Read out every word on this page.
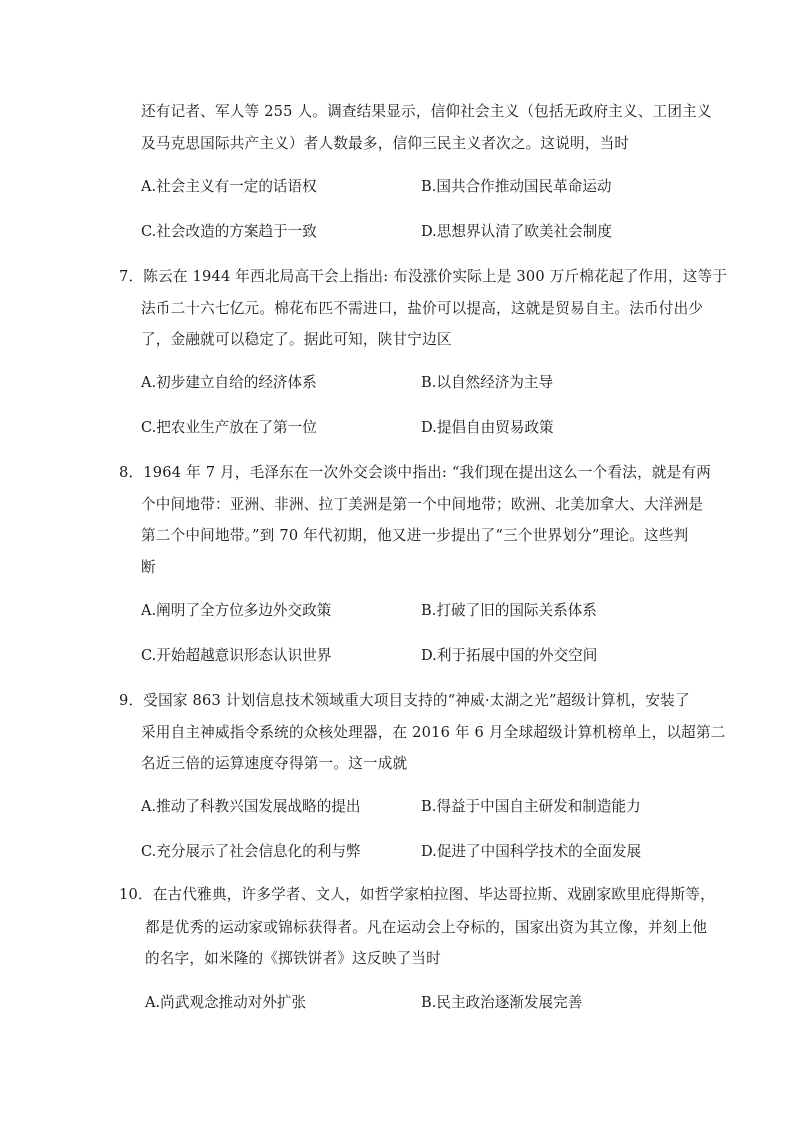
还有记者、军人等 255 人。调查结果显示，信仰社会主义（包括无政府主义、工团主义
及马克思国际共产主义）者人数最多，信仰三民主义者次之。这说明，当时
A.社会主义有一定的话语权	B.国共合作推动国民革命运动
C.社会改造的方案趋于一致	D.思想界认清了欧美社会制度
7．陈云在 1944 年西北局高干会上指出: 布没涨价实际上是 300 万斤棉花起了作用，这等于
法币二十六七亿元。棉花布匹不需进口，盐价可以提高，这就是贸易自主。法币付出少
了，金融就可以稳定了。据此可知，陕甘宁边区
A.初步建立自给的经济体系	B.以自然经济为主导
C.把农业生产放在了第一位	D.提倡自由贸易政策
8．1964 年 7 月，毛泽东在一次外交会谈中指出: “我们现在提出这么一个看法，就是有两
个中间地带：亚洲、非洲、拉丁美洲是第一个中间地带；欧洲、北美加拿大、大洋洲是
第二个中间地带。”到 70 年代初期，他又进一步提出了“三个世界划分”理论。这些判
断
A.阐明了全方位多边外交政策	B.打破了旧的国际关系体系
C.开始超越意识形态认识世界	D.利于拓展中国的外交空间
9．受国家 863 计划信息技术领域重大项目支持的“神威·太湖之光”超级计算机，安装了
采用自主神威指令系统的众核处理器，在 2016 年 6 月全球超级计算机榜单上，以超第二
名近三倍的运算速度夺得第一。这一成就
A.推动了科教兴国发展战略的提出	B.得益于中国自主研发和制造能力
C.充分展示了社会信息化的利与弊	D.促进了中国科学技术的全面发展
10．在古代雅典，许多学者、文人，如哲学家柏拉图、毕达哥拉斯、戏剧家欧里庇得斯等，
都是优秀的运动家或锦标获得者。凡在运动会上夺标的，国家出资为其立像，并刻上他
的名字，如米隆的《掷铁饼者》这反映了当时
A.尚武观念推动对外扩张	B.民主政治逐渐发展完善
